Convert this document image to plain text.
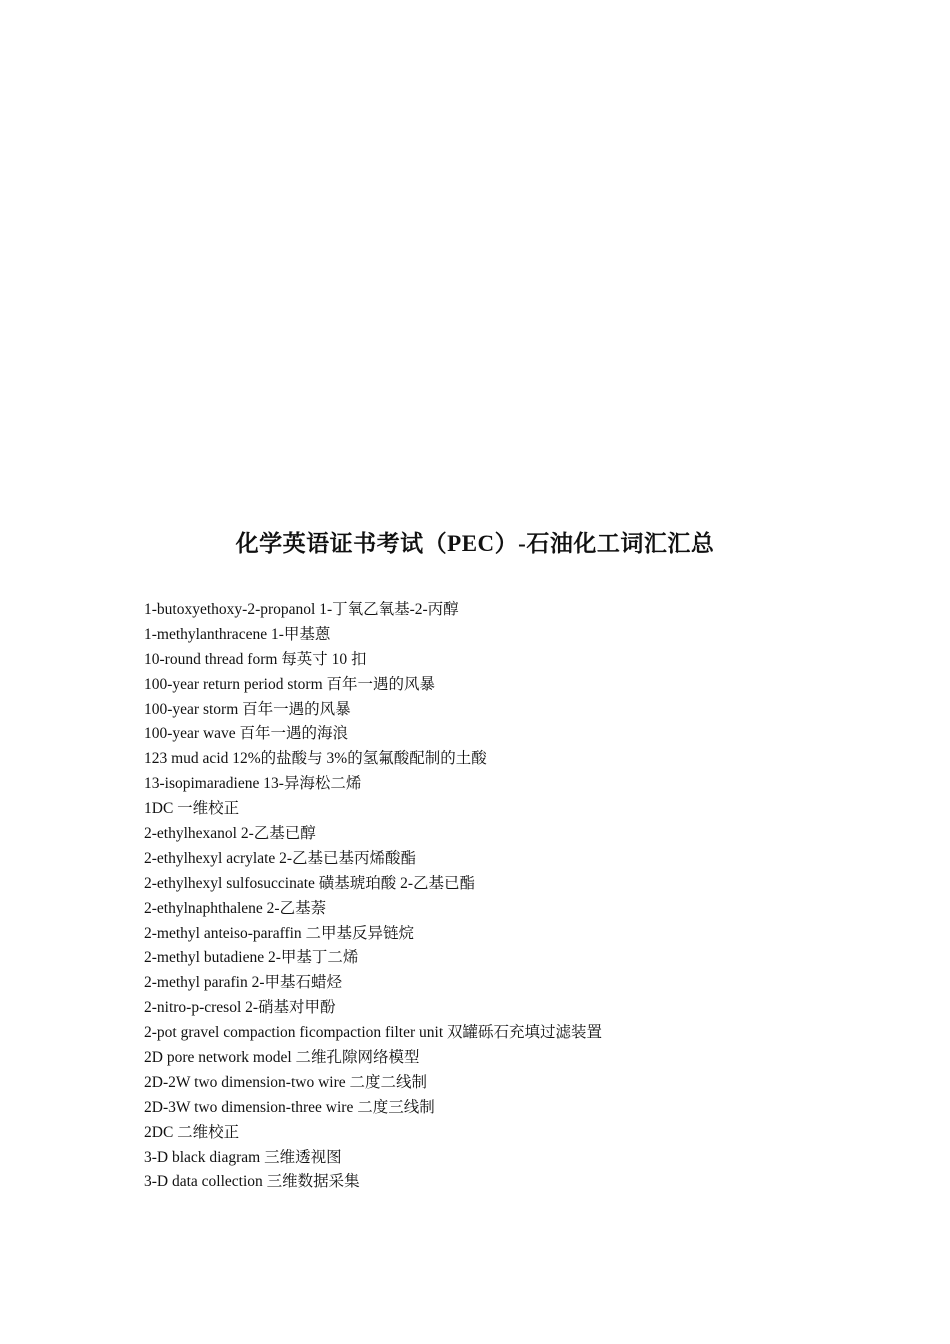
化学英语证书考试（PEC）-石油化工词汇汇总
1-butoxyethoxy-2-propanol 1-丁氧乙氧基-2-丙醇
1-methylanthracene 1-甲基蒽
10-round thread form 每英寸 10 扣
100-year return period storm 百年一遇的风暴
100-year storm 百年一遇的风暴
100-year wave 百年一遇的海浪
123 mud acid 12%的盐酸与 3%的氢氟酸配制的土酸
13-isopimaradiene 13-异海松二烯
1DC 一维校正
2-ethylhexanol 2-乙基已醇
2-ethylhexyl acrylate 2-乙基已基丙烯酸酯
2-ethylhexyl sulfosuccinate 磺基琥珀酸 2-乙基已酯
2-ethylnaphthalene 2-乙基萘
2-methyl anteiso-paraffin 二甲基反异链烷
2-methyl butadiene 2-甲基丁二烯
2-methyl parafin 2-甲基石蜡烃
2-nitro-p-cresol 2-硝基对甲酚
2-pot gravel compaction ficompaction filter unit 双罐砾石充填过滤装置
2D pore network model 二维孔隙网络模型
2D-2W two dimension-two wire 二度二线制
2D-3W two dimension-three wire 二度三线制
2DC 二维校正
3-D black diagram 三维透视图
3-D data collection 三维数据采集
